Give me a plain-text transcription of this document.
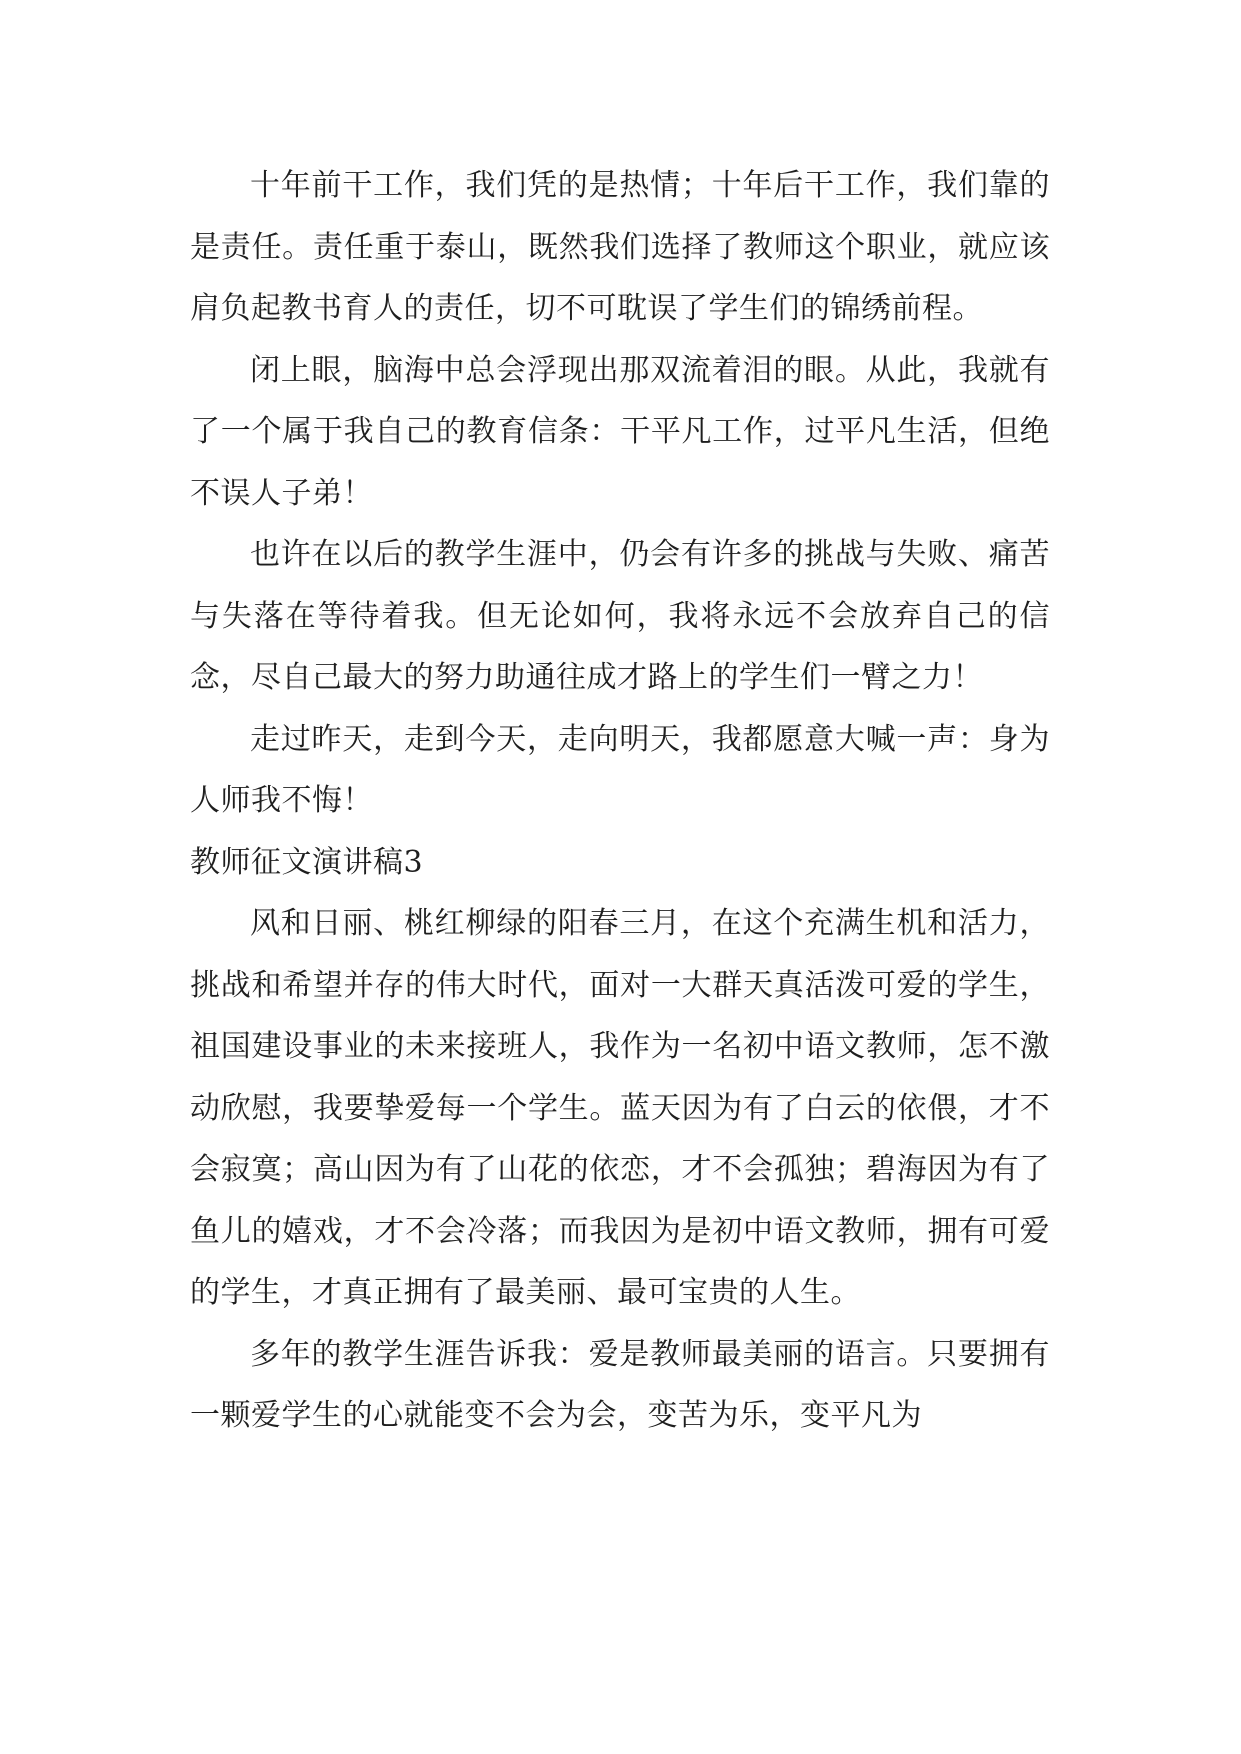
十年前干工作，我们凭的是热情；十年后干工作，我们靠的是责任。责任重于泰山，既然我们选择了教师这个职业，就应该肩负起教书育人的责任，切不可耽误了学生们的锦绣前程。

闭上眼，脑海中总会浮现出那双流着泪的眼。从此，我就有了一个属于我自己的教育信条：干平凡工作，过平凡生活，但绝不误人子弟！

也许在以后的教学生涯中，仍会有许多的挑战与失败、痛苦与失落在等待着我。但无论如何，我将永远不会放弃自己的信念，尽自己最大的努力助通往成才路上的学生们一臂之力！

走过昨天，走到今天，走向明天，我都愿意大喊一声：身为人师我不悔！

教师征文演讲稿3

风和日丽、桃红柳绿的阳春三月，在这个充满生机和活力，挑战和希望并存的伟大时代，面对一大群天真活泼可爱的学生，祖国建设事业的未来接班人，我作为一名初中语文教师，怎不激动欣慰，我要挚爱每一个学生。蓝天因为有了白云的依偎，才不会寂寞；高山因为有了山花的依恋，才不会孤独；碧海因为有了鱼儿的嬉戏，才不会冷落；而我因为是初中语文教师，拥有可爱的学生，才真正拥有了最美丽、最可宝贵的人生。

多年的教学生涯告诉我：爱是教师最美丽的语言。只要拥有一颗爱学生的心就能变不会为会，变苦为乐，变平凡为
